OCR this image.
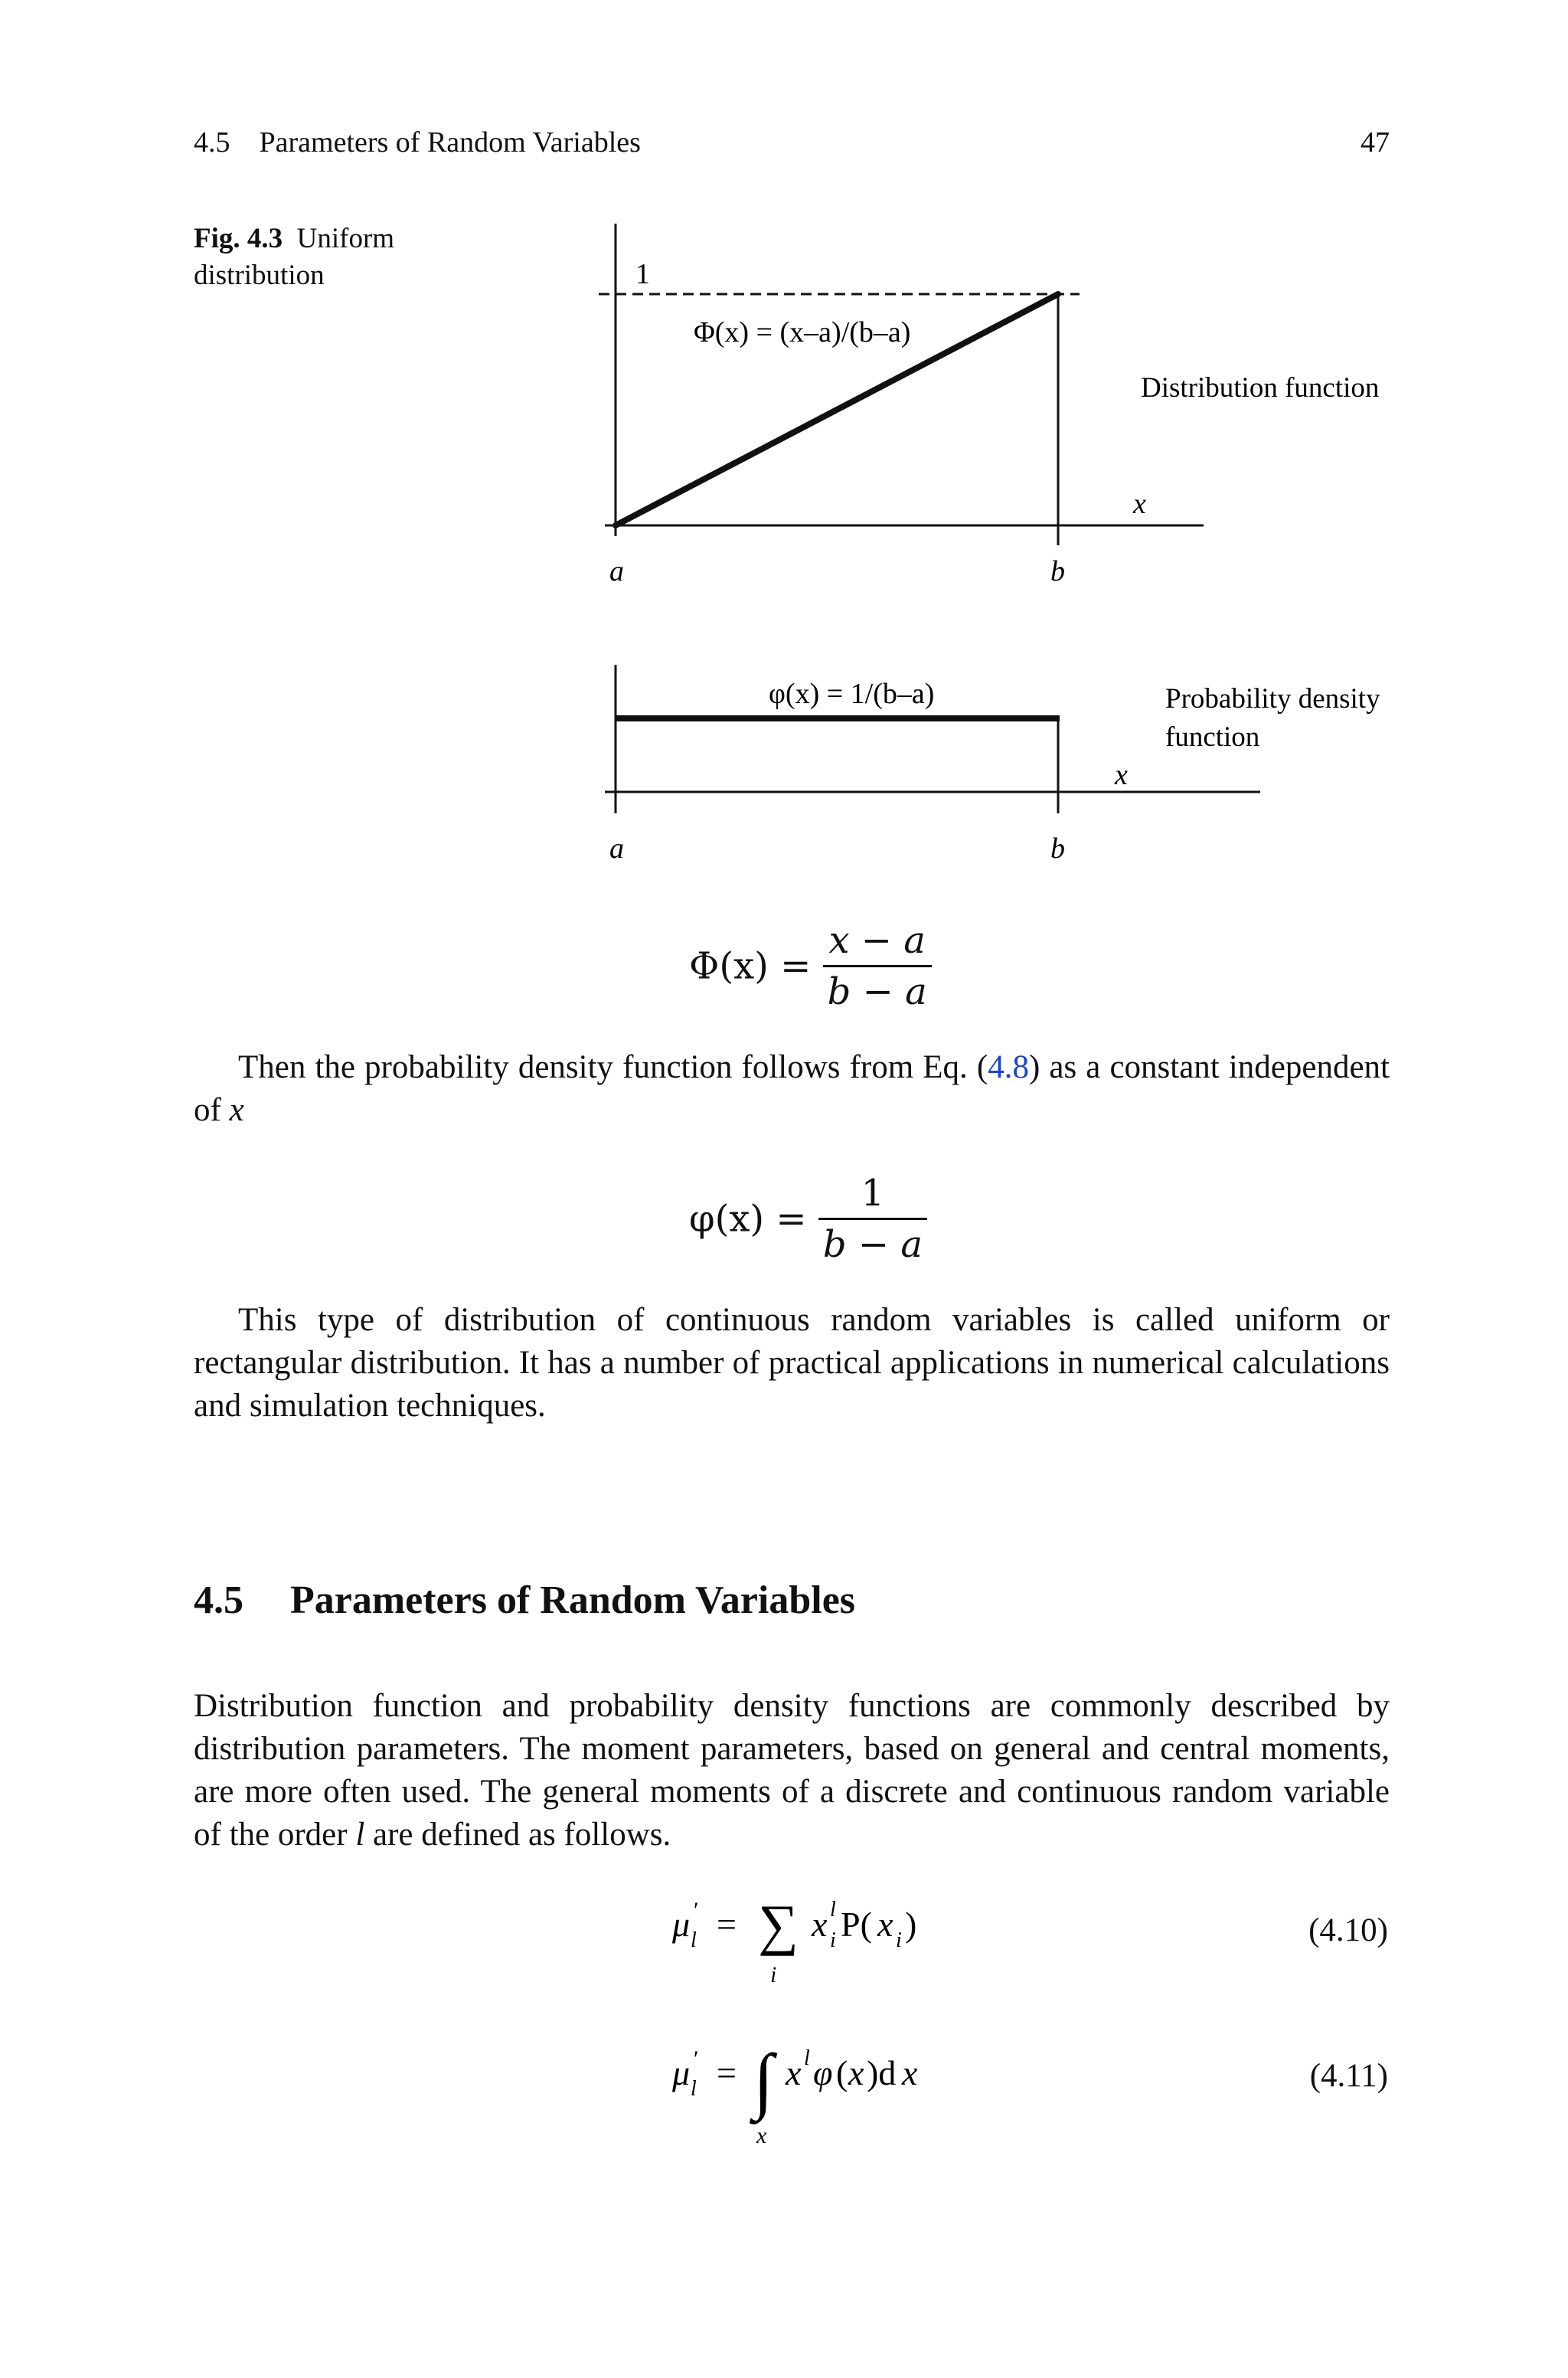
4.5 Parameters of Random Variables	47
Fig. 4.3 Uniform distribution	1
Φ(x) = (x–a)/(b–a)
Distribution function
x
a	b
φ(x) = 1/(b–a)	Probability density
function
x
a	b
$\Phi(x) = \frac{x - a}{b - a}$
Then the probability density function follows from Eq. (4.8) as a constant independent of x
$\varphi(x) = \frac{1}{b - a}$
This type of distribution of continuous random variables is called uniform or rectangular distribution. It has a number of practical applications in numerical calculations and simulation techniques.
4.5 Parameters of Random Variables
Distribution function and probability density functions are commonly described by distribution parameters. The moment parameters, based on general and central moments, are more often used. The general moments of a discrete and continuous random variable of the order l are defined as follows.
μ ′
l = ∑
i
x l
i P( x i )	(4.10)
μ ′
l = ∫
x
x l φ ( x )d x	(4.11)
